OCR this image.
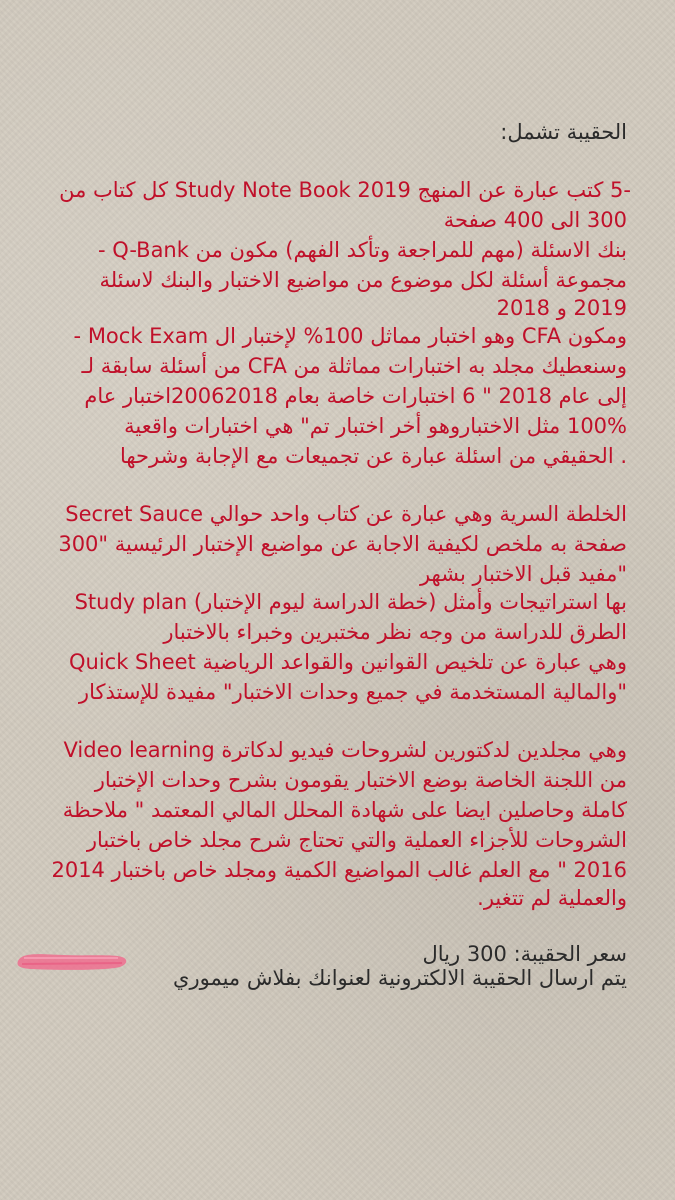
الحقيبة تشمل:
-5 كتب عبارة عن المنهج Study Note Book 2019 كل كتاب من
300 الى 400 صفحة
بنك الاسئلة (مهم للمراجعة وتأكد الفهم) مكون من Q-Bank -
مجموعة أسئلة لكل موضوع من مواضيع الاختبار والبنك لاسئلة
2019 و 2018
ومكون CFA وهو اختبار مماثل 100% لإختبار ال Mock Exam -
وسنعطيك مجلد به اختبارات مماثلة من CFA من أسئلة سابقة لـ
إلى عام 2018 " 6 اختبارات خاصة بعام 20062018اختبار عام
100% مثل الاختباروهو أخر اختبار تم" هي اختبارات واقعية
. الحقيقي من اسئلة عبارة عن تجميعات مع الإجابة وشرحها
الخلطة السرية وهي عبارة عن كتاب واحد حوالي Secret Sauce
صفحة به ملخص لكيفية الاجابة عن مواضيع الإختبار الرئيسية "300
"مفيد قبل الاختبار بشهر
بها استراتيجات وأمثل (خطة الدراسة ليوم الإختبار) Study plan
الطرق للدراسة من وجه نظر مختبرين وخبراء بالاختبار
وهي عبارة عن تلخيص القوانين والقواعد الرياضية Quick Sheet
"والمالية المستخدمة في جميع وحدات الاختبار" مفيدة للإستذكار
وهي مجلدين لدكتورين لشروحات فيديو لدكاترة Video learning
من اللجنة الخاصة بوضع الاختبار يقومون بشرح وحدات الإختبار
كاملة وحاصلين ايضا على شهادة المحلل المالي المعتمد " ملاحظة
الشروحات للأجزاء العملية والتي تحتاج شرح مجلد خاص باختبار
2016 " مع العلم غالب المواضيع الكمية ومجلد خاص باختبار 2014
والعملية لم تتغير.
سعر الحقيبة: 300 ريال
يتم ارسال الحقيبة الالكترونية لعنوانك بفلاش ميموري
